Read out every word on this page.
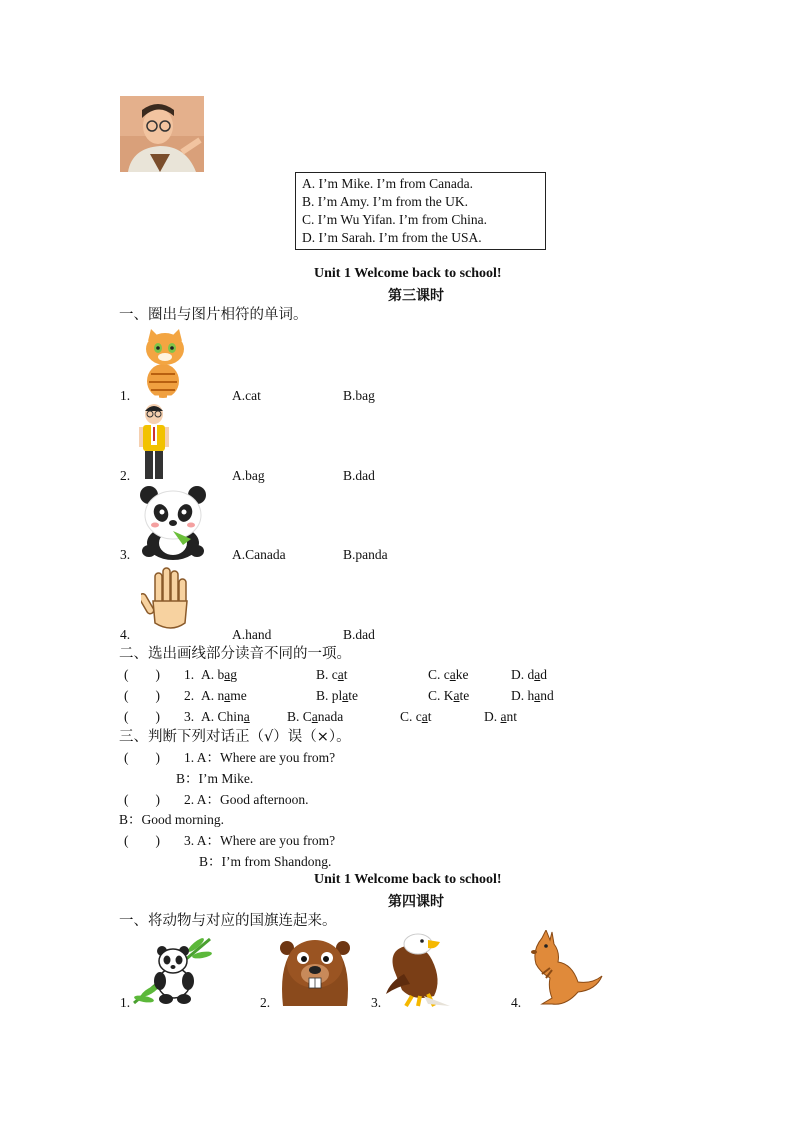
A. I’m Mike. I’m from Canada.
B. I’m Amy. I’m from the UK.
C. I’m Wu Yifan. I’m from China.
D. I’m Sarah. I’m from the USA.
Unit 1 Welcome back to school!
第三课时
一、圈出与图片相符的单词。
1.	A.cat	B.bag
2.	A.bag	B.dad
3.	A.Canada	B.panda
4.	A.hand	B.dad
二、选出画线部分读音不同的一项。
(　　) 1. A. bag	B. cat	C. cake	D. dad
(　　) 2. A. name	B. plate	C. Kate	D. hand
(　　) 3. A. China	B. Canada	C. cat	D. ant
三、判断下列对话正（√）误（×）。
(　　) 1. A：Where are you from?
B：I’m Mike.
(　　) 2. A：Good afternoon.
B：Good morning.
(　　) 3. A：Where are you from?
B：I’m from Shandong.
Unit 1 Welcome back to school!
第四课时
一、将动物与对应的国旗连起来。
1.	2.	3.	4.
